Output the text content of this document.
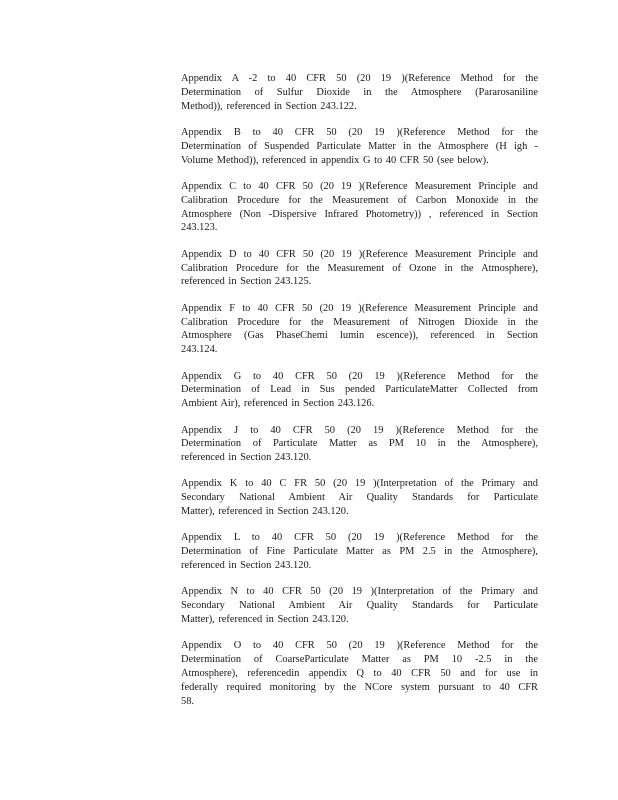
Appendix A -2 to 40 CFR 50 (20 19 )(Reference Method for the
Determination of Sulfur Dioxide in the Atmosphere (Pararosaniline
Method)), referenced in Section 243.122.

Appendix B to 40 CFR 50 (20 19 )(Reference Method for the
Determination of Suspended Particulate Matter in the Atmosphere (H igh -
Volume Method)), referenced in appendix G to 40 CFR 50 (see below).

Appendix C to 40 CFR 50 (20 19 )(Reference Measurement Principle and
Calibration Procedure for the Measurement of Carbon Monoxide in the
Atmosphere (Non -Dispersive Infrared Photometry)) , referenced in Section
243.123.

Appendix D to 40 CFR 50 (20 19 )(Reference Measurement Principle and
Calibration Procedure for the Measurement of Ozone in the Atmosphere),
referenced in Section 243.125.

Appendix F to 40 CFR 50 (20 19 )(Reference Measurement Principle and
Calibration Procedure for the Measurement of Nitrogen Dioxide in the
Atmosphere (Gas PhaseChemi lumin escence)), referenced in Section
243.124.

Appendix G to 40 CFR 50 (20 19 )(Reference Method for the
Determination of Lead in Sus pended ParticulateMatter Collected from
Ambient Air), referenced in Section 243.126.

Appendix J to 40 CFR 50 (20 19 )(Reference Method for the
Determination of Particulate Matter as PM 10 in the Atmosphere),
referenced in Section 243.120.

Appendix K to 40 C FR 50 (20 19 )(Interpretation of the Primary and
Secondary National Ambient Air Quality Standards for Particulate
Matter), referenced in Section 243.120.

Appendix L to 40 CFR 50 (20 19 )(Reference Method for the
Determination of Fine Particulate Matter as PM 2.5 in the Atmosphere),
referenced in Section 243.120.

Appendix N to 40 CFR 50 (20 19 )(Interpretation of the Primary and
Secondary National Ambient Air Quality Standards for Particulate
Matter), referenced in Section 243.120.

Appendix O to 40 CFR 50 (20 19 )(Reference Method for the
Determination of CoarseParticulate Matter as PM 10 -2.5 in the
Atmosphere), referencedin appendix Q to 40 CFR 50 and for use in
federally required monitoring by the NCore system pursuant to 40 CFR
58.
